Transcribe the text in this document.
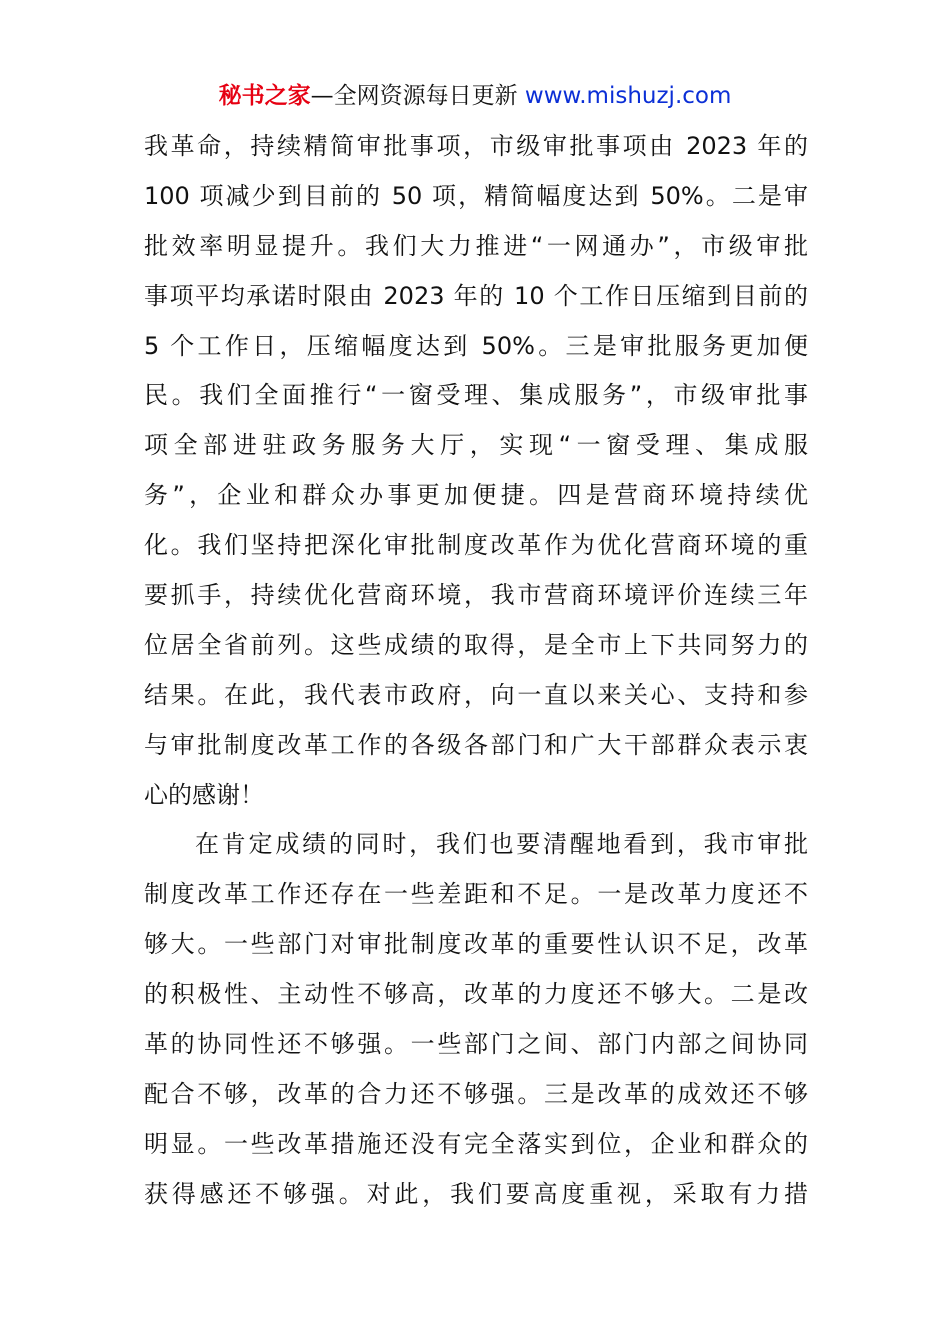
秘书之家—全网资源每日更新 www.mishuzj.com
我革命，持续精简审批事项，市级审批事项由 2023 年的
100 项减少到目前的 50 项，精简幅度达到 50%。二是审
批效率明显提升。我们大力推进“一网通办”，市级审批
事项平均承诺时限由 2023 年的 10 个工作日压缩到目前的
5 个工作日，压缩幅度达到 50%。三是审批服务更加便
民。我们全面推行“一窗受理、集成服务”，市级审批事
项全部进驻政务服务大厅，实现“一窗受理、集成服
务”，企业和群众办事更加便捷。四是营商环境持续优
化。我们坚持把深化审批制度改革作为优化营商环境的重
要抓手，持续优化营商环境，我市营商环境评价连续三年
位居全省前列。这些成绩的取得，是全市上下共同努力的
结果。在此，我代表市政府，向一直以来关心、支持和参
与审批制度改革工作的各级各部门和广大干部群众表示衷
心的感谢！
在肯定成绩的同时，我们也要清醒地看到，我市审批
制度改革工作还存在一些差距和不足。一是改革力度还不
够大。一些部门对审批制度改革的重要性认识不足，改革
的积极性、主动性不够高，改革的力度还不够大。二是改
革的协同性还不够强。一些部门之间、部门内部之间协同
配合不够，改革的合力还不够强。三是改革的成效还不够
明显。一些改革措施还没有完全落实到位，企业和群众的
获得感还不够强。对此，我们要高度重视，采取有力措
